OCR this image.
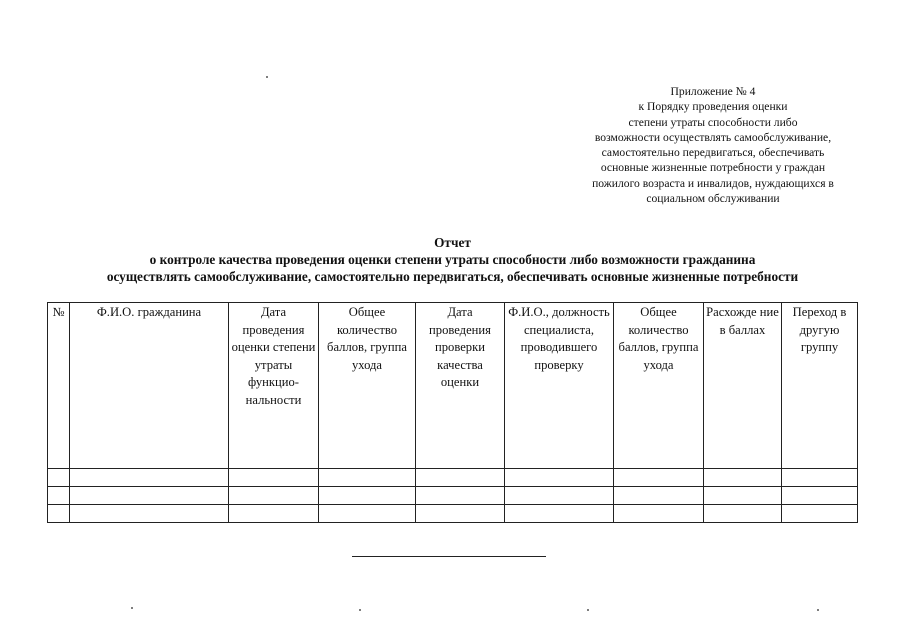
Приложение № 4
к Порядку проведения оценки
степени утраты способности либо
возможности осуществлять самообслуживание,
самостоятельно передвигаться, обеспечивать
основные жизненные потребности у граждан
пожилого возраста и инвалидов, нуждающихся в
социальном обслуживании
Отчет
о контроле качества проведения оценки степени утраты способности либо возможности гражданина
осуществлять самообслуживание, самостоятельно передвигаться, обеспечивать основные жизненные потребности
№	Ф.И.О. гражданина	Дата проведения оценки степени утраты функцио-нальности	Общее количество баллов, группа ухода	Дата проведения проверки качества оценки	Ф.И.О., должность специалиста, проводившего проверку	Общее количество баллов, группа ухода	Расхожде ние в баллах	Переход в другую группу
